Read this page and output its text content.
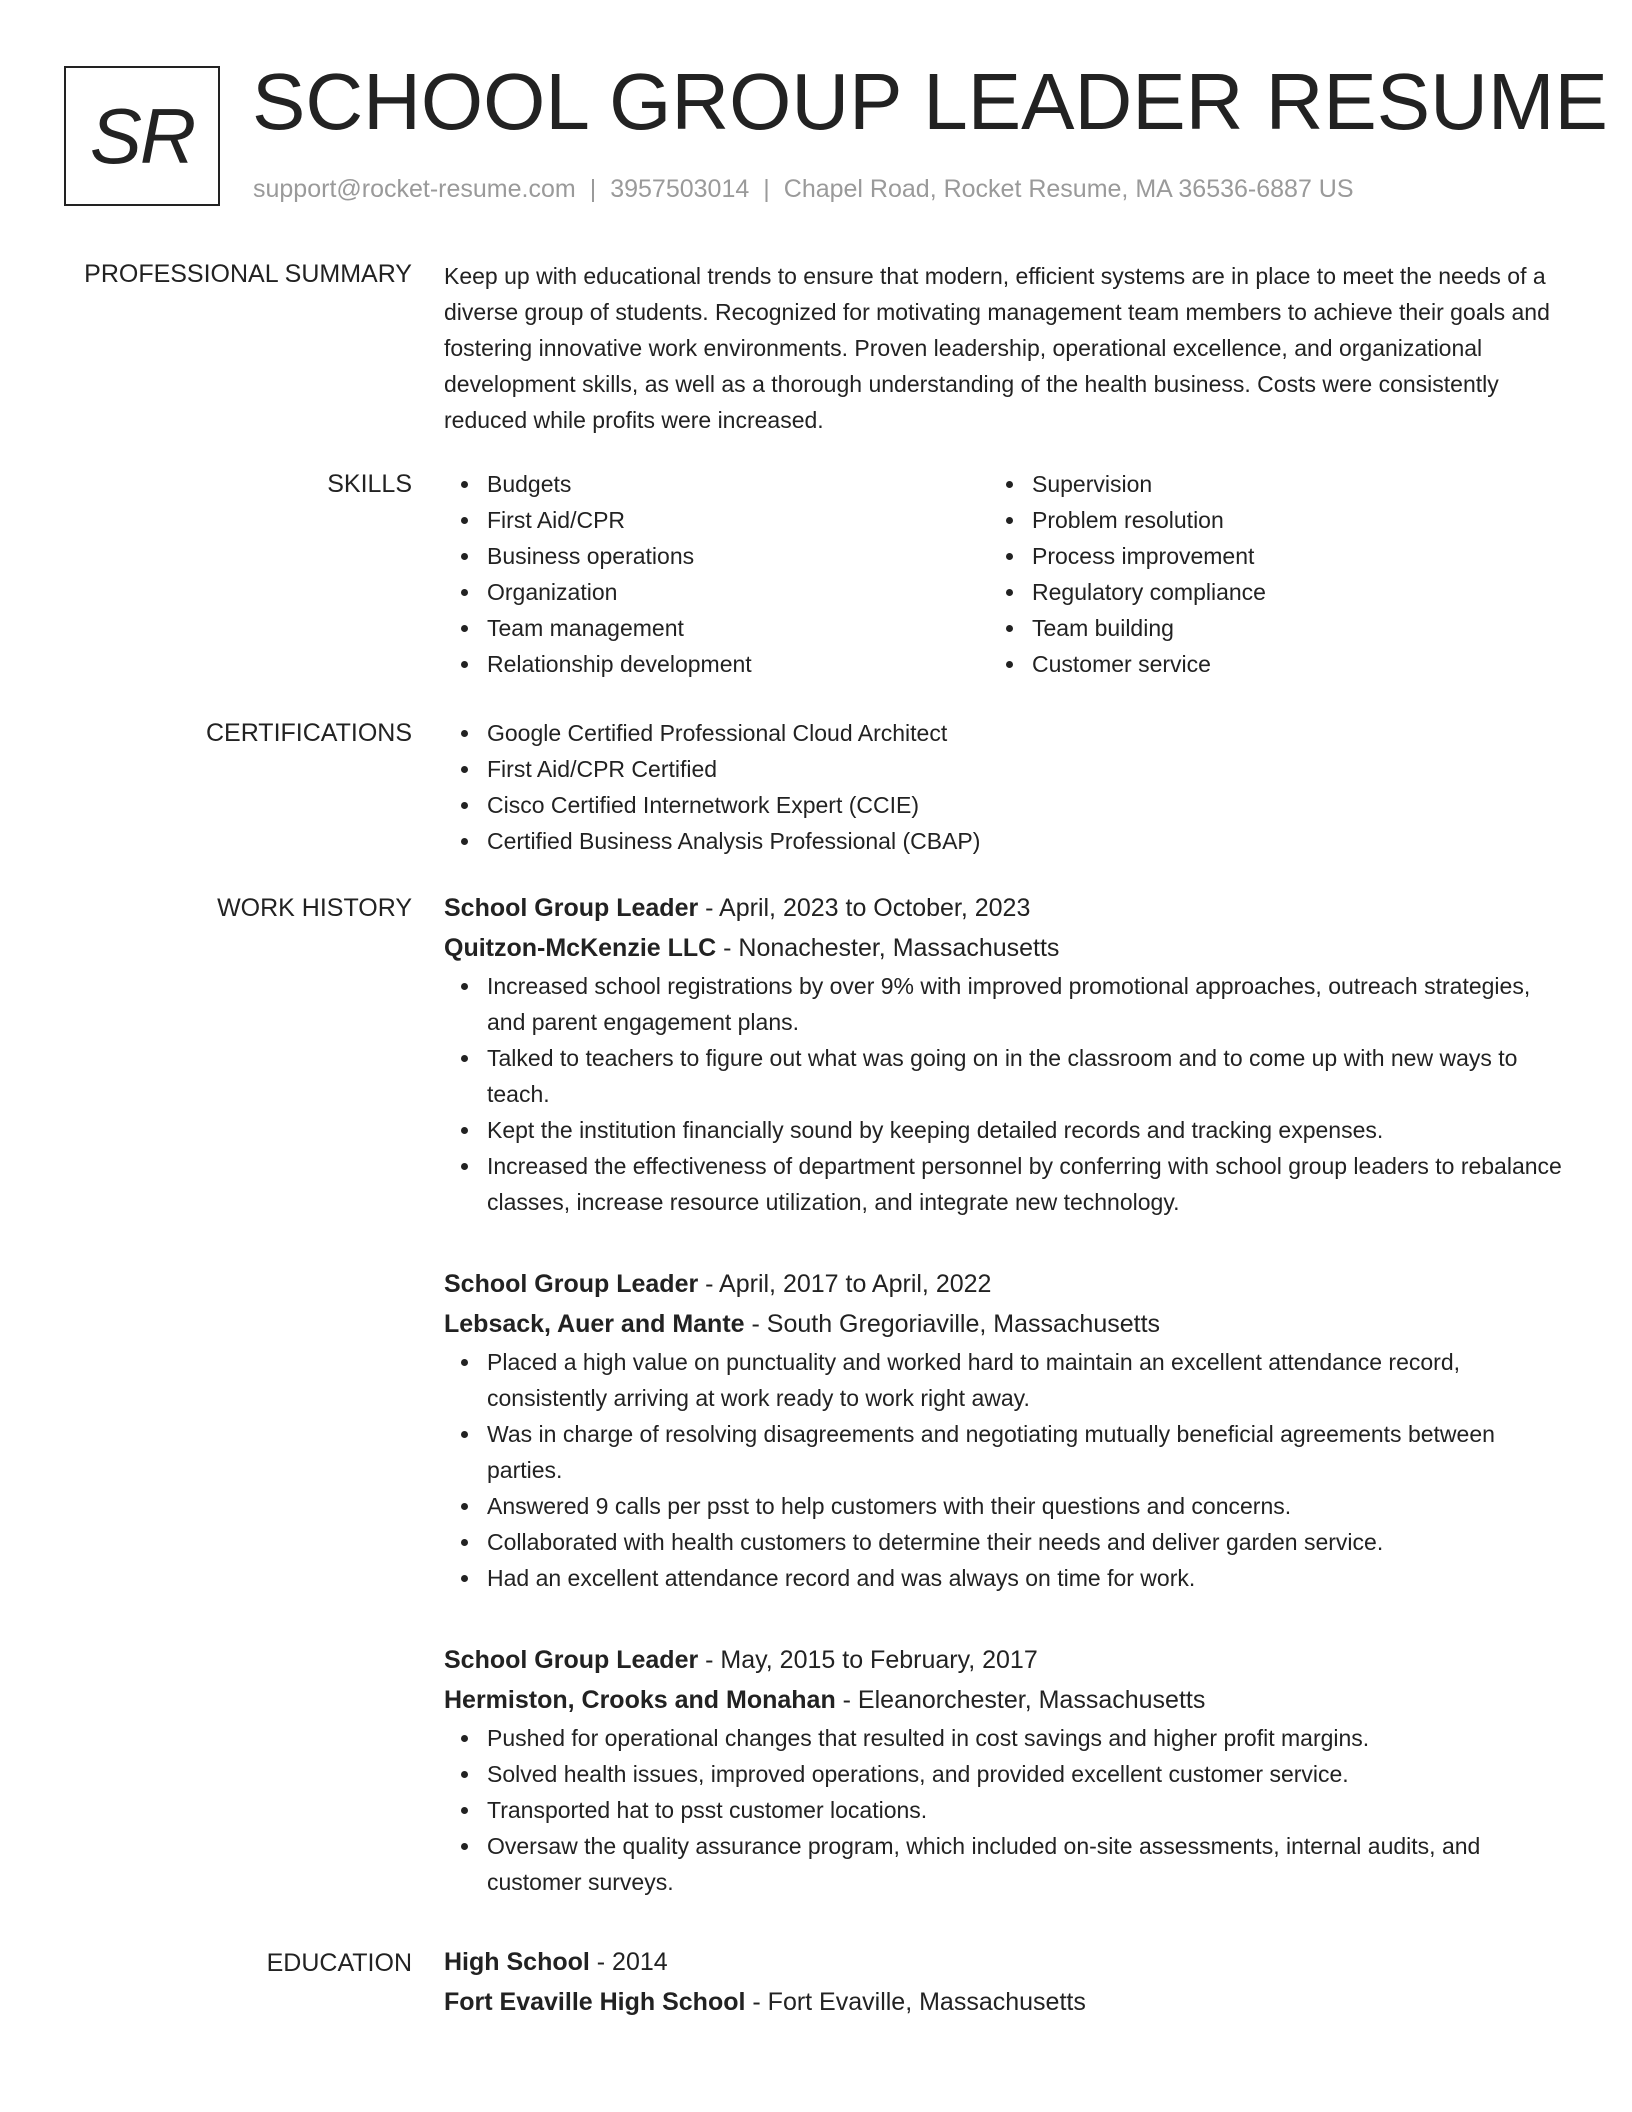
SR SCHOOL GROUP LEADER RESUME
support@rocket-resume.com | 3957503014 | Chapel Road, Rocket Resume, MA 36536-6887 US
PROFESSIONAL SUMMARY Keep up with educational trends to ensure that modern, efficient systems are in place to meet the needs of a diverse group of students. Recognized for motivating management team members to achieve their goals and fostering innovative work environments. Proven leadership, operational excellence, and organizational development skills, as well as a thorough understanding of the health business. Costs were consistently reduced while profits were increased.

SKILLS	Budgets
First Aid/CPR
Business operations
Organization
Team management
Relationship development
Supervision
Problem resolution
Process improvement
Regulatory compliance
Team building
Customer service
CERTIFICATIONS	Google Certified Professional Cloud Architect
First Aid/CPR Certified
Cisco Certified Internetwork Expert (CCIE)
Certified Business Analysis Professional (CBAP)
WORK HISTORY School Group Leader - April, 2023 to October, 2023
Quitzon-McKenzie LLC - Nonachester, Massachusetts
Increased school registrations by over 9% with improved promotional approaches, outreach strategies, and parent engagement plans.
Talked to teachers to figure out what was going on in the classroom and to come up with new ways to teach.
Kept the institution financially sound by keeping detailed records and tracking expenses.
Increased the effectiveness of department personnel by conferring with school group leaders to rebalance classes, increase resource utilization, and integrate new technology.
School Group Leader - April, 2017 to April, 2022
Lebsack, Auer and Mante - South Gregoriaville, Massachusetts
Placed a high value on punctuality and worked hard to maintain an excellent attendance record, consistently arriving at work ready to work right away.
Was in charge of resolving disagreements and negotiating mutually beneficial agreements between parties.
Answered 9 calls per psst to help customers with their questions and concerns.
Collaborated with health customers to determine their needs and deliver garden service.
Had an excellent attendance record and was always on time for work.
School Group Leader - May, 2015 to February, 2017
Hermiston, Crooks and Monahan - Eleanorchester, Massachusetts
Pushed for operational changes that resulted in cost savings and higher profit margins.
Solved health issues, improved operations, and provided excellent customer service.
Transported hat to psst customer locations.
Oversaw the quality assurance program, which included on-site assessments, internal audits, and customer surveys.
EDUCATION High School - 2014
Fort Evaville High School - Fort Evaville, Massachusetts
